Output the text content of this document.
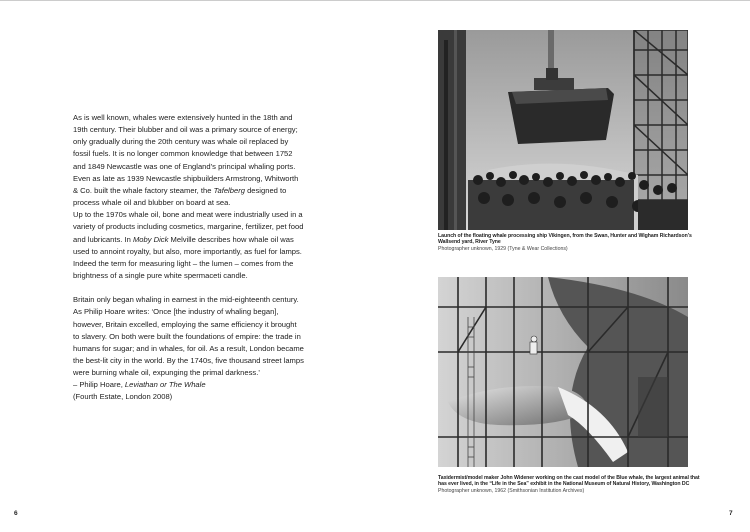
As is well known, whales were extensively hunted in the 18th and 19th century. Their blubber and oil was a primary source of energy; only gradually during the 20th century was whale oil replaced by fossil fuels. It is no longer common knowledge that between 1752 and 1849 Newcastle was one of England’s principal whaling ports. Even as late as 1939 Newcastle shipbuilders Armstrong, Whitworth & Co. built the whale factory steamer, the Tafelberg designed to process whale oil and blubber on board at sea.

Up to the 1970s whale oil, bone and meat were industrially used in a variety of products including cosmetics, margarine, fertilizer, pet food and lubricants. In Moby Dick Melville describes how whale oil was used to annoint royalty, but also, more importantly, as fuel for lamps. Indeed the term for measuring light – the lumen – comes from the brightness of a single pure white spermaceti candle.

Britain only began whaling in earnest in the mid-eighteenth century. As Philip Hoare writes: ‘Once [the industry of whaling began], however, Britain excelled, employing the same efficiency it brought to slavery. On both were built the foundations of empire: the trade in humans for sugar; and in whales, for oil. As a result, London became the best-lit city in the world. By the 1740s, five thousand street lamps were burning whale oil, expunging the primal darkness.’

– Philip Hoare, Leviathan or The Whale

(Fourth Estate, London 2008)

6	7
Launch of the floating whale processing ship Vikingen, from the Swan, Hunter and Wigham Richardson’s Wallsend yard, River Tyne
Photographer unknown, 1929 (Tyne & Wear Collections)
Taxidermist/model maker John Widener working on the cast model of the Blue whale, the largest animal that has ever lived, in the “Life in the Sea” exhibit in the National Museum of Natural History, Washington DC
Photographer unknown, 1962 (Smithsonian Institution Archives)
